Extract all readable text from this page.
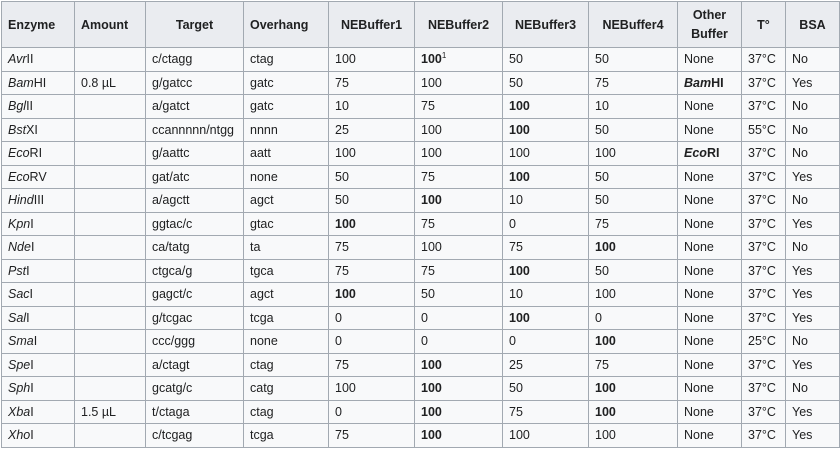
Enzyme	Amount	Target	Overhang	NEBuffer1	NEBuffer2	NEBuffer3	NEBuffer4	Other Buffer	T°	BSA
AvrII		c/ctagg	ctag	100	$100^1$	50	50	None	37°C	No
BamHI	0.8 µL	g/gatcc	gatc	75	100	50	75	BamHI	37°C	Yes
BglII		a/gatct	gatc	10	75	100	10	None	37°C	No
BstXI		ccannnnn/ntgg	nnnn	25	100	100	50	None	55°C	No
EcoRI		g/aattc	aatt	100	100	100	100	EcoRI	37°C	No
EcoRV		gat/atc	none	50	75	100	50	None	37°C	Yes
HindIII		a/agctt	agct	50	100	10	50	None	37°C	No
KpnI		ggtac/c	gtac	100	75	0	75	None	37°C	Yes
NdeI		ca/tatg	ta	75	100	75	100	None	37°C	No
PstI		ctgca/g	tgca	75	75	100	50	None	37°C	Yes
SacI		gagct/c	agct	100	50	10	100	None	37°C	Yes
SalI		g/tcgac	tcga	0	0	100	0	None	37°C	Yes
SmaI		ccc/ggg	none	0	0	0	100	None	25°C	No
SpeI		a/ctagt	ctag	75	100	25	75	None	37°C	Yes
SphI		gcatg/c	catg	100	100	50	100	None	37°C	No
XbaI	1.5 µL	t/ctaga	ctag	0	100	75	100	None	37°C	Yes
XhoI		c/tcgag	tcga	75	100	100	100	None	37°C	Yes
